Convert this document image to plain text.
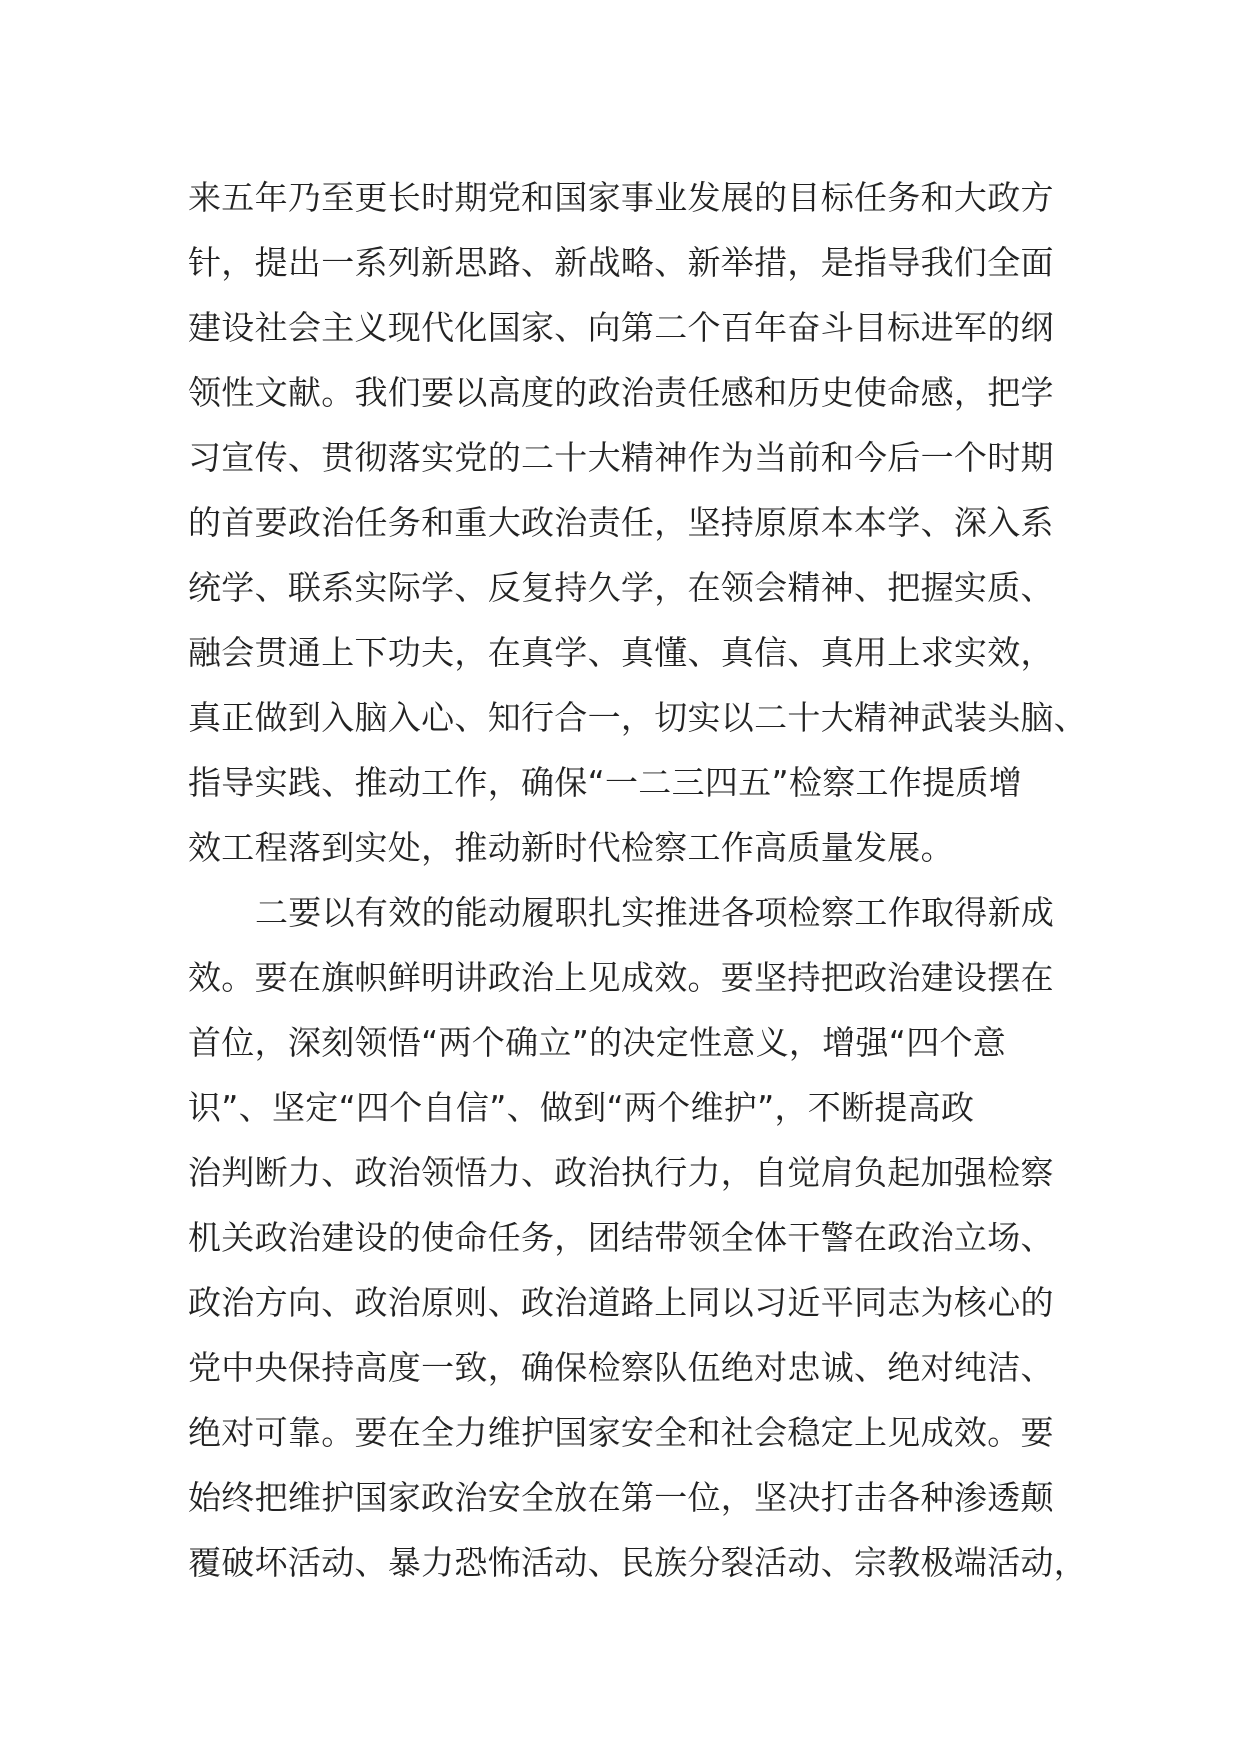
来五年乃至更长时期党和国家事业发展的目标任务和大政方
针，提出一系列新思路、新战略、新举措，是指导我们全面
建设社会主义现代化国家、向第二个百年奋斗目标进军的纲
领性文献。我们要以高度的政治责任感和历史使命感，把学
习宣传、贯彻落实党的二十大精神作为当前和今后一个时期
的首要政治任务和重大政治责任，坚持原原本本学、深入系
统学、联系实际学、反复持久学，在领会精神、把握实质、
融会贯通上下功夫，在真学、真懂、真信、真用上求实效，
真正做到入脑入心、知行合一，切实以二十大精神武装头脑、
指导实践、推动工作，确保“一二三四五”检察工作提质增
效工程落到实处，推动新时代检察工作高质量发展。
二要以有效的能动履职扎实推进各项检察工作取得新成
效。要在旗帜鲜明讲政治上见成效。要坚持把政治建设摆在
首位，深刻领悟“两个确立”的决定性意义，增强“四个意
识”、坚定“四个自信”、做到“两个维护”，不断提高政
治判断力、政治领悟力、政治执行力，自觉肩负起加强检察
机关政治建设的使命任务，团结带领全体干警在政治立场、
政治方向、政治原则、政治道路上同以习近平同志为核心的
党中央保持高度一致，确保检察队伍绝对忠诚、绝对纯洁、
绝对可靠。要在全力维护国家安全和社会稳定上见成效。要
始终把维护国家政治安全放在第一位，坚决打击各种渗透颠
覆破坏活动、暴力恐怖活动、民族分裂活动、宗教极端活动，
